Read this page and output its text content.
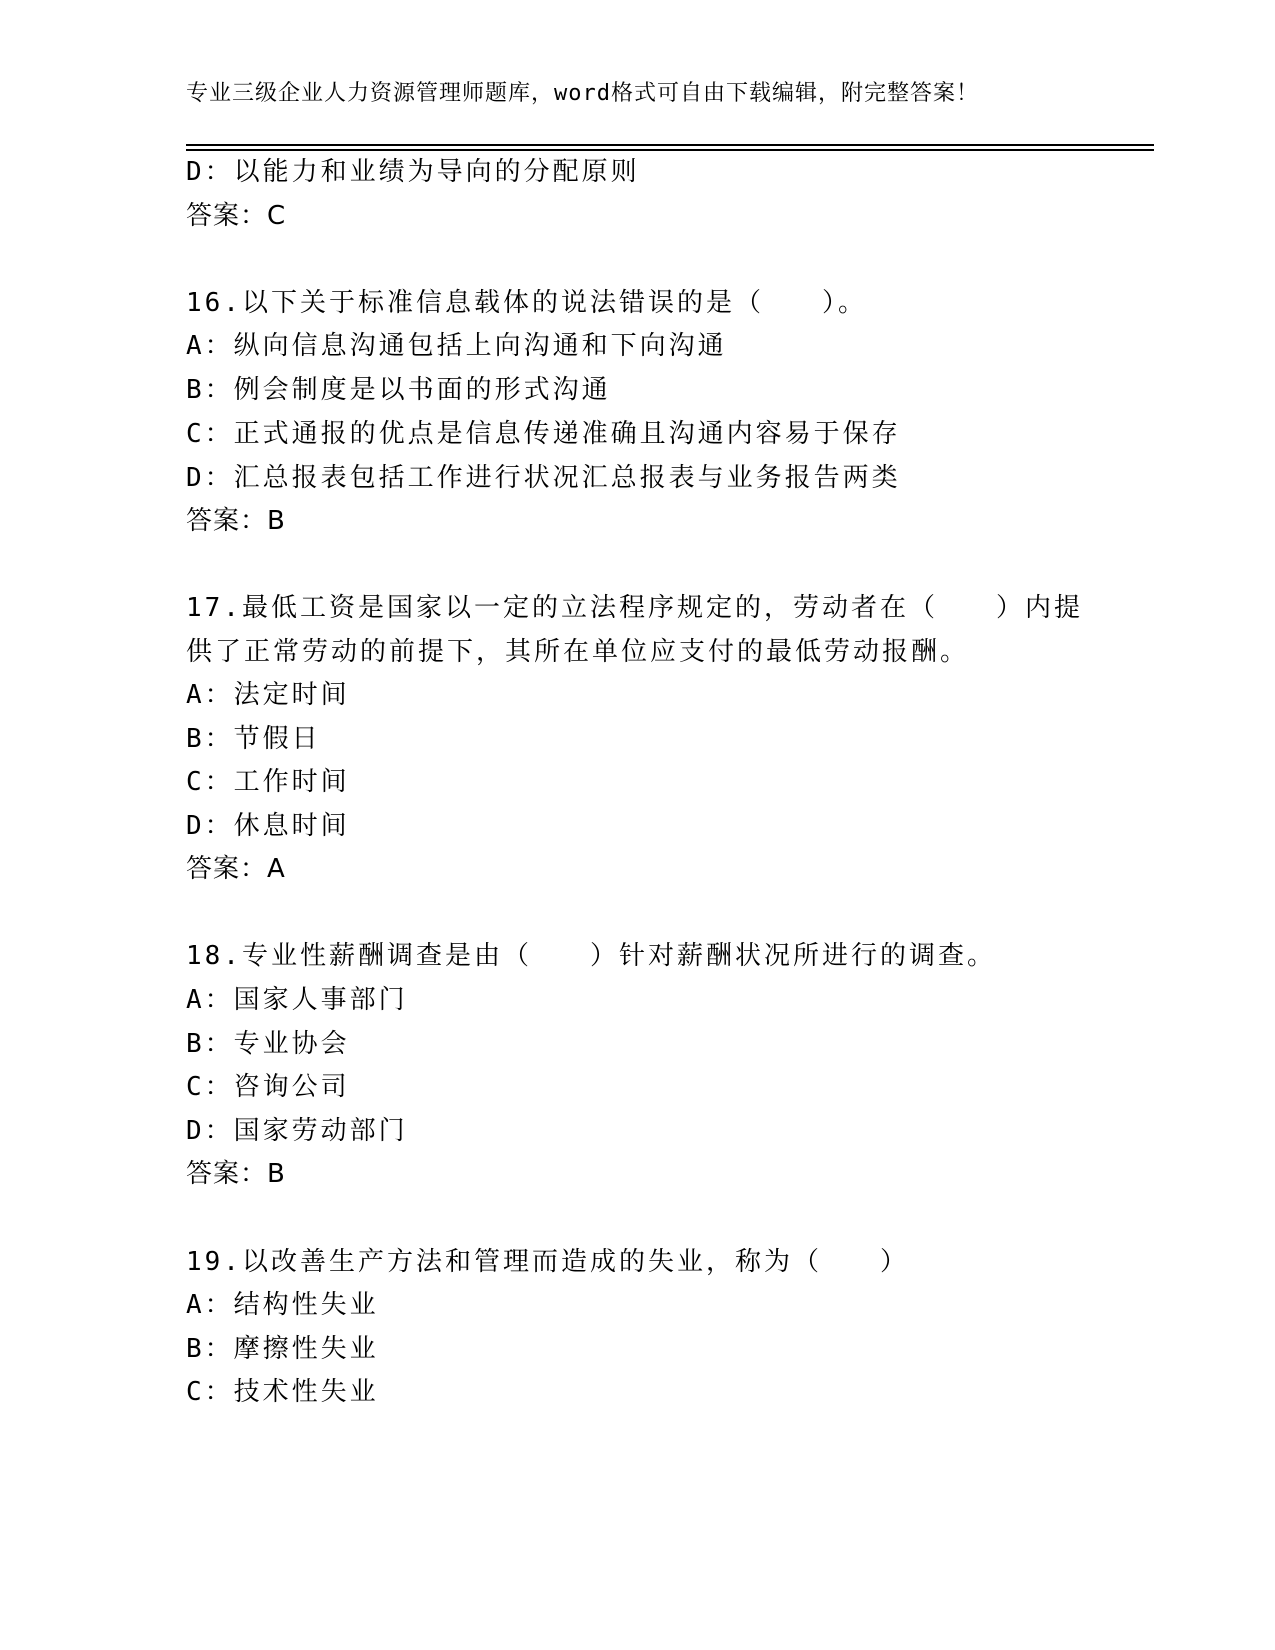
专业三级企业人力资源管理师题库，word格式可自由下载编辑，附完整答案！
D：以能力和业绩为导向的分配原则
答案：C
16.以下关于标准信息载体的说法错误的是（　　）。
A：纵向信息沟通包括上向沟通和下向沟通
B：例会制度是以书面的形式沟通
C：正式通报的优点是信息传递准确且沟通内容易于保存
D：汇总报表包括工作进行状况汇总报表与业务报告两类
答案：B
17.最低工资是国家以一定的立法程序规定的，劳动者在（　　）内提
供了正常劳动的前提下，其所在单位应支付的最低劳动报酬。
A：法定时间
B：节假日
C：工作时间
D：休息时间
答案：A
18.专业性薪酬调查是由（　　）针对薪酬状况所进行的调查。
A：国家人事部门
B：专业协会
C：咨询公司
D：国家劳动部门
答案：B
19.以改善生产方法和管理而造成的失业，称为（　　）
A：结构性失业
B：摩擦性失业
C：技术性失业
